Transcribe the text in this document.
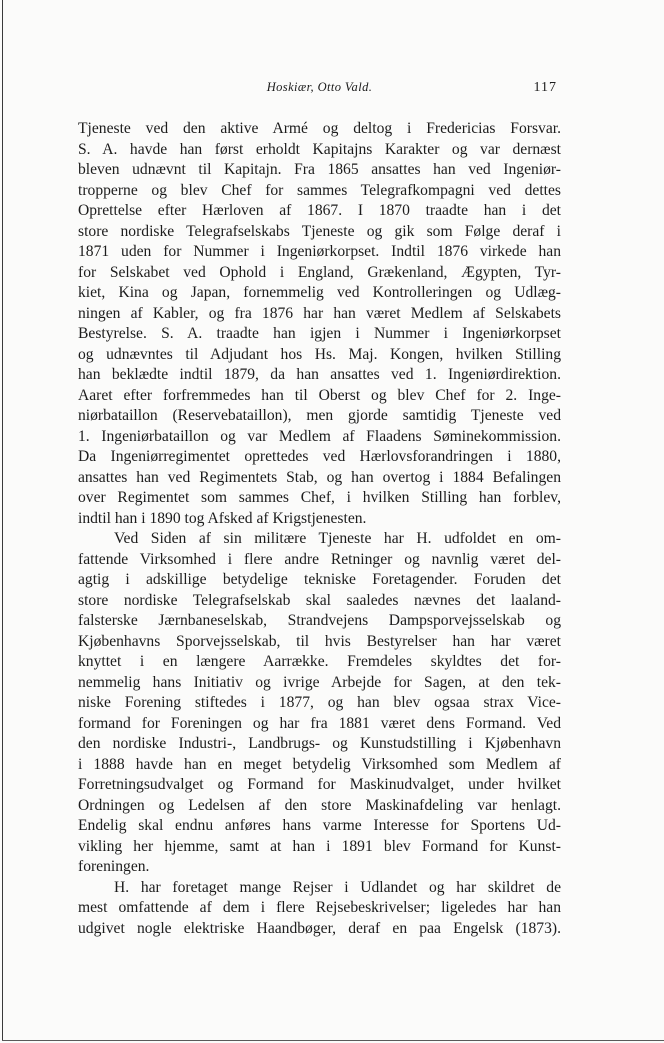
Hoskiær, Otto Vald.	117
Tjeneste ved den aktive Armé og deltog i Fredericias Forsvar.
S. A. havde han først erholdt Kapitajns Karakter og var dernæst
bleven udnævnt til Kapitajn. Fra 1865 ansattes han ved Ingeniør-
tropperne og blev Chef for sammes Telegrafkompagni ved dettes
Oprettelse efter Hærloven af 1867. I 1870 traadte han i det
store nordiske Telegrafselskabs Tjeneste og gik som Følge deraf i
1871 uden for Nummer i Ingeniørkorpset. Indtil 1876 virkede han
for Selskabet ved Ophold i England, Grækenland, Ægypten, Tyr-
kiet, Kina og Japan, fornemmelig ved Kontrolleringen og Udlæg-
ningen af Kabler, og fra 1876 har han været Medlem af Selskabets
Bestyrelse. S. A. traadte han igjen i Nummer i Ingeniørkorpset
og udnævntes til Adjudant hos Hs. Maj. Kongen, hvilken Stilling
han beklædte indtil 1879, da han ansattes ved 1. Ingeniørdirektion.
Aaret efter forfremmedes han til Oberst og blev Chef for 2. Inge-
niørbataillon (Reservebataillon), men gjorde samtidig Tjeneste ved
1. Ingeniørbataillon og var Medlem af Flaadens Søminekommission.
Da Ingeniørregimentet oprettedes ved Hærlovsforandringen i 1880,
ansattes han ved Regimentets Stab, og han overtog i 1884 Befalingen
over Regimentet som sammes Chef, i hvilken Stilling han forblev,
indtil han i 1890 tog Afsked af Krigstjenesten.
Ved Siden af sin militære Tjeneste har H. udfoldet en om-
fattende Virksomhed i flere andre Retninger og navnlig været del-
agtig i adskillige betydelige tekniske Foretagender. Foruden det
store nordiske Telegrafselskab skal saaledes nævnes det laaland-
falsterske Jærnbaneselskab, Strandvejens Dampsporvejsselskab og
Kjøbenhavns Sporvejsselskab, til hvis Bestyrelser han har været
knyttet i en længere Aarrække. Fremdeles skyldtes det for-
nemmelig hans Initiativ og ivrige Arbejde for Sagen, at den tek-
niske Forening stiftedes i 1877, og han blev ogsaa strax Vice-
formand for Foreningen og har fra 1881 været dens Formand. Ved
den nordiske Industri-, Landbrugs- og Kunstudstilling i Kjøbenhavn
i 1888 havde han en meget betydelig Virksomhed som Medlem af
Forretningsudvalget og Formand for Maskinudvalget, under hvilket
Ordningen og Ledelsen af den store Maskinafdeling var henlagt.
Endelig skal endnu anføres hans varme Interesse for Sportens Ud-
vikling her hjemme, samt at han i 1891 blev Formand for Kunst-
foreningen.
H. har foretaget mange Rejser i Udlandet og har skildret de
mest omfattende af dem i flere Rejsebeskrivelser; ligeledes har han
udgivet nogle elektriske Haandbøger, deraf en paa Engelsk (1873).
